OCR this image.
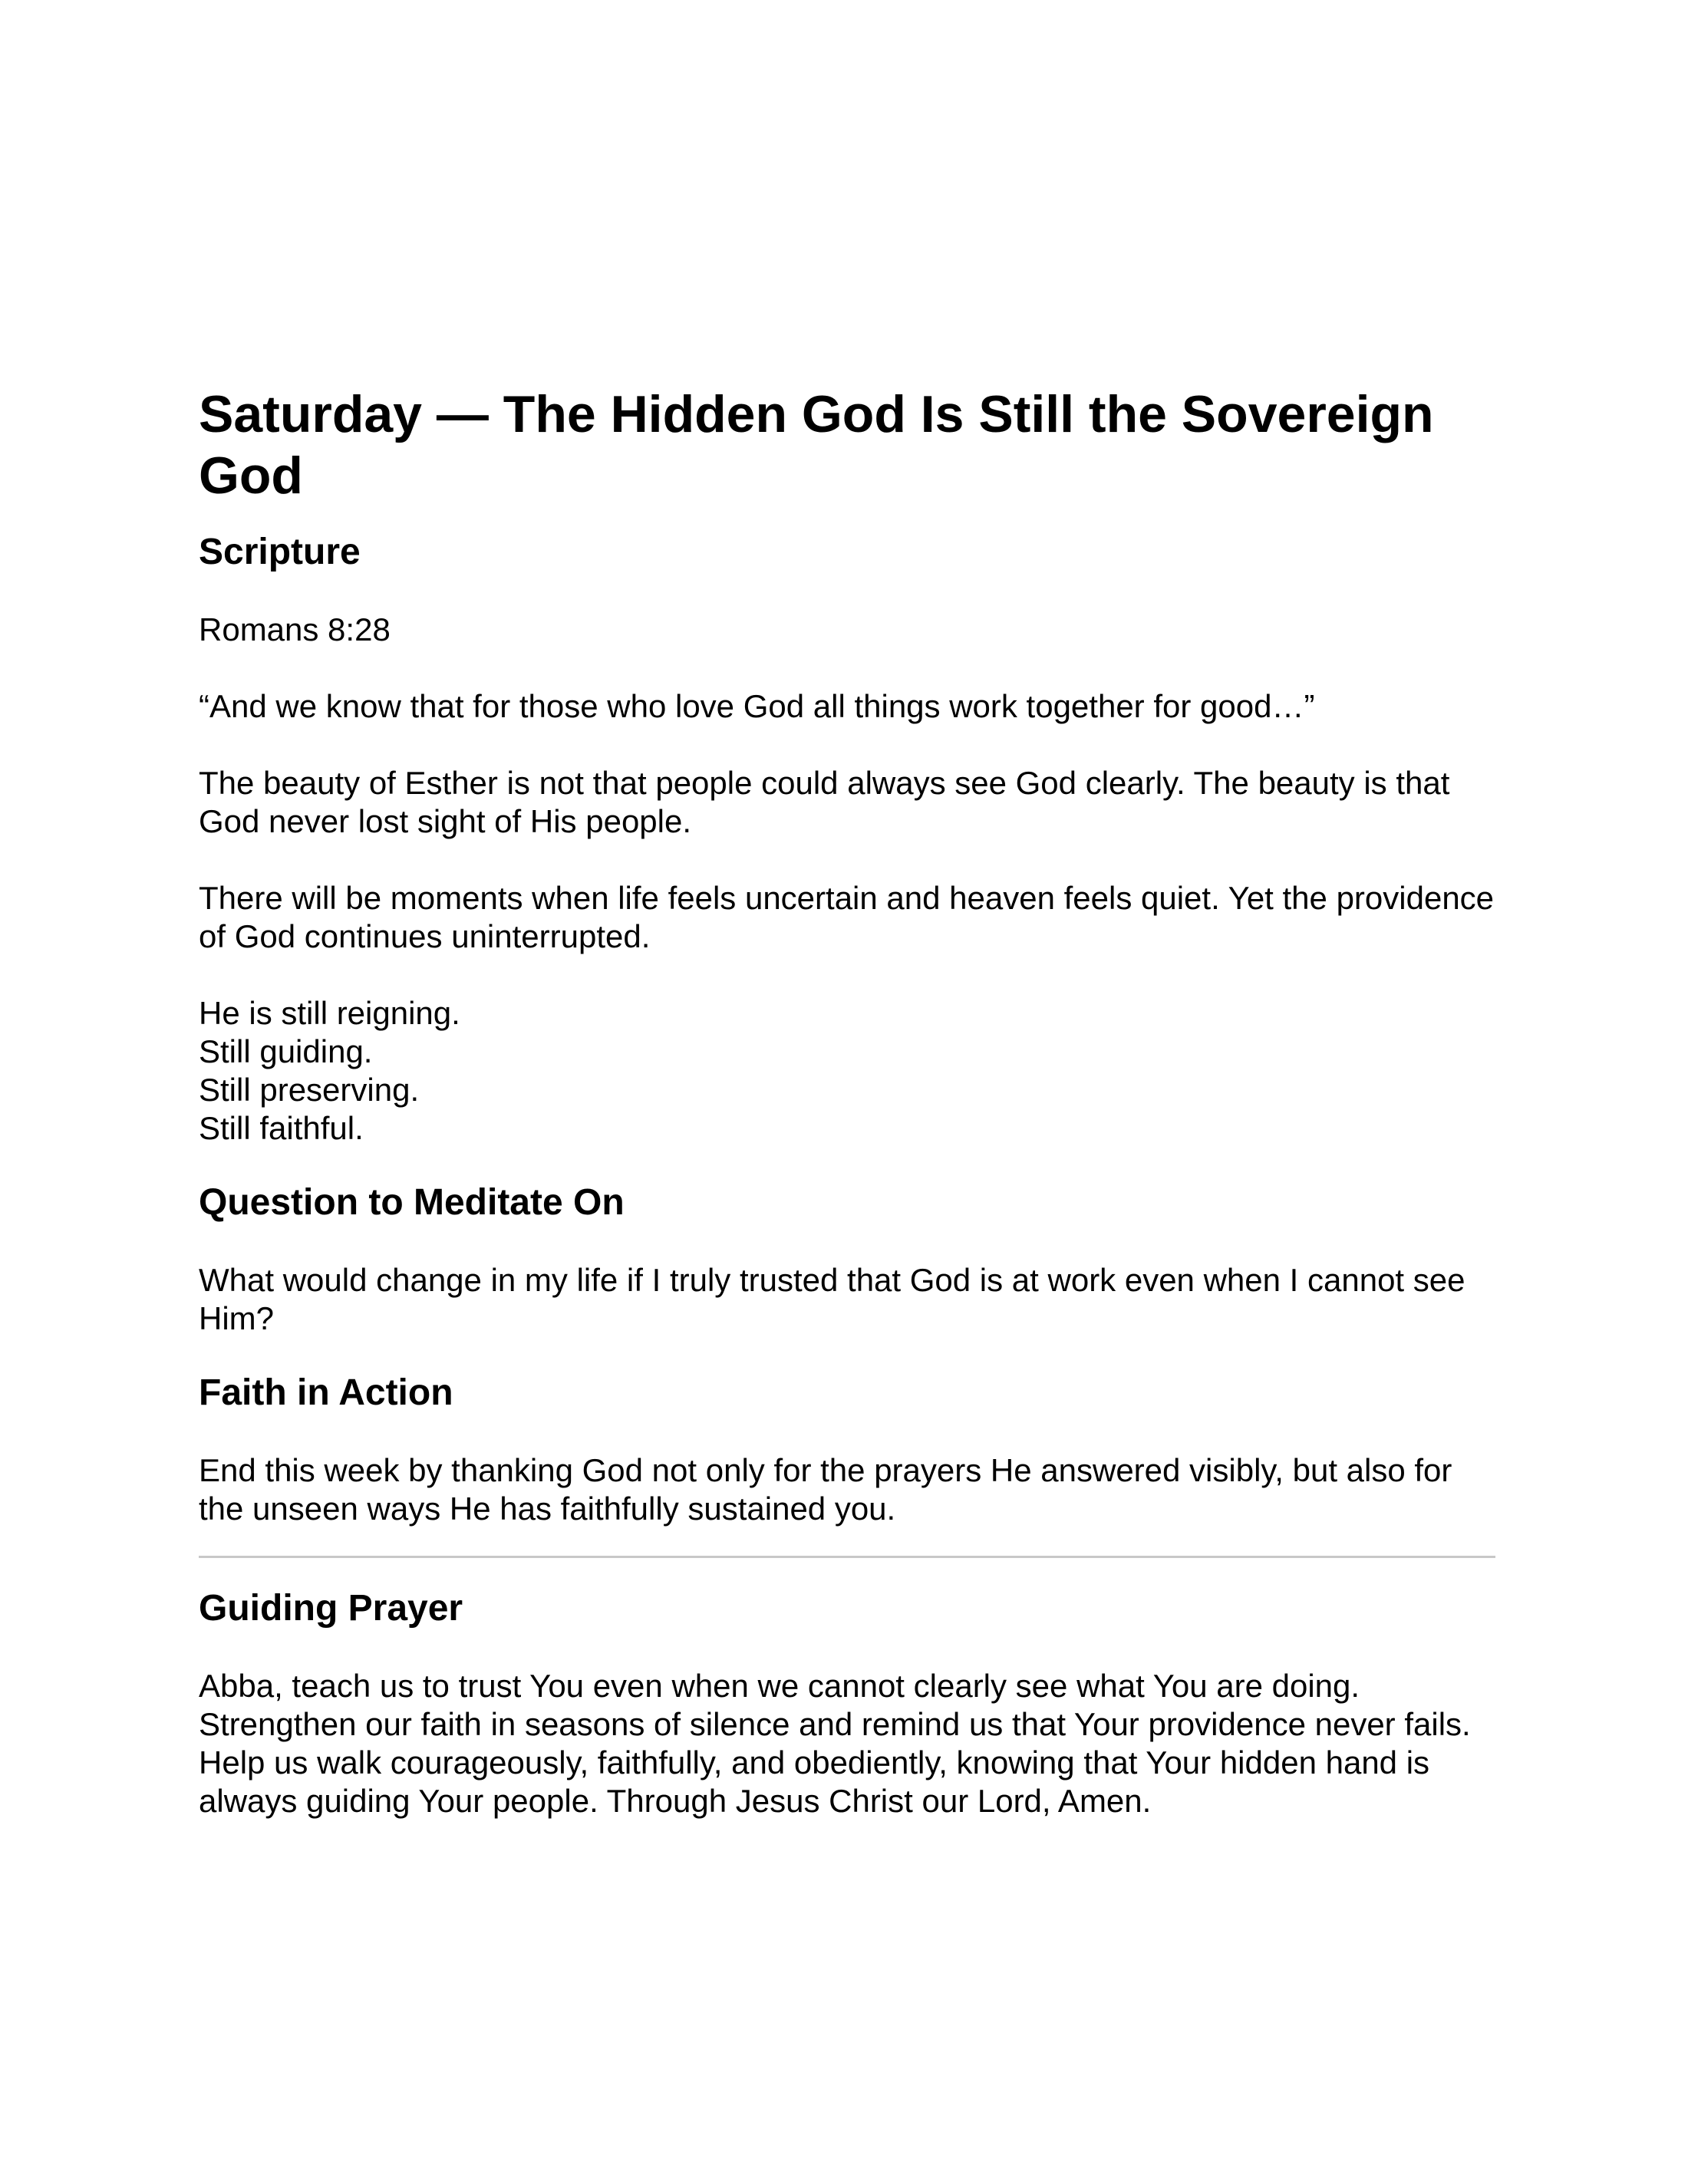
Saturday — The Hidden God Is Still the Sovereign God
Scripture

Romans 8:28

“And we know that for those who love God all things work together for good…”

The beauty of Esther is not that people could always see God clearly. The beauty is that God never lost sight of His people.

There will be moments when life feels uncertain and heaven feels quiet. Yet the providence of God continues uninterrupted.

He is still reigning.

Still guiding.

Still preserving.

Still faithful.

Question to Meditate On

What would change in my life if I truly trusted that God is at work even when I cannot see Him?

Faith in Action

End this week by thanking God not only for the prayers He answered visibly, but also for the unseen ways He has faithfully sustained you.

Guiding Prayer

Abba, teach us to trust You even when we cannot clearly see what You are doing. Strengthen our faith in seasons of silence and remind us that Your providence never fails. Help us walk courageously, faithfully, and obediently, knowing that Your hidden hand is always guiding Your people. Through Jesus Christ our Lord, Amen.
